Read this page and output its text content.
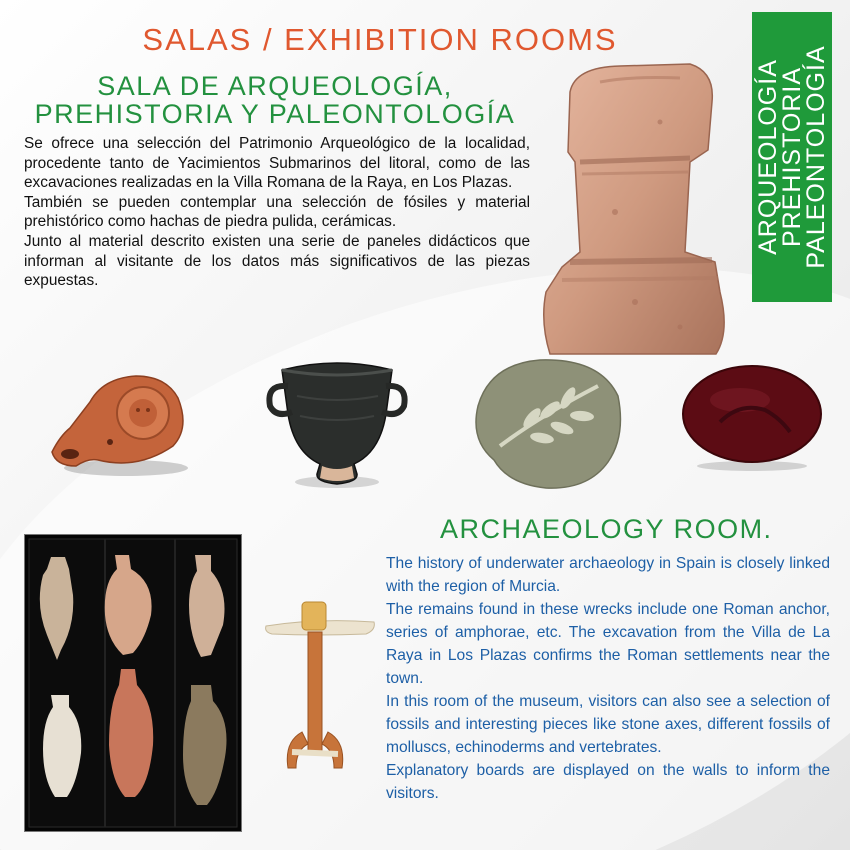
SALAS / EXHIBITION ROOMS
SALA DE ARQUEOLOGÍA,
PREHISTORIA Y PALEONTOLOGÍA

Se ofrece una selección del Patrimonio Arqueológico de la localidad, procedente tanto de Yacimientos Submarinos del litoral, como de las excavaciones realizadas en la Villa Romana de la Raya, en Los Plazas.

También se pueden contemplar una selección de fósiles y material prehistórico como hachas de piedra pulida, cerámicas.

Junto al material descrito existen una serie de paneles didácticos que informan al visitante de los datos más significativos de las piezas expuestas.

ARQUEOLOGÍA
PREHISTORIA
PALEONTOLOGÍA
ARCHAEOLOGY ROOM.

The history of underwater archaeology in Spain is closely linked with the region of Murcia.

The remains found in these wrecks include one Roman anchor, series of amphorae, etc. The excavation from the Villa de La Raya in Los Plazas confirms the Roman settlements near the town.

In this room of the museum, visitors can also see a selection of fossils and interesting pieces like stone axes, different fossils of molluscs, echinoderms and vertebrates.

Explanatory boards are displayed on the walls to inform the visitors.
